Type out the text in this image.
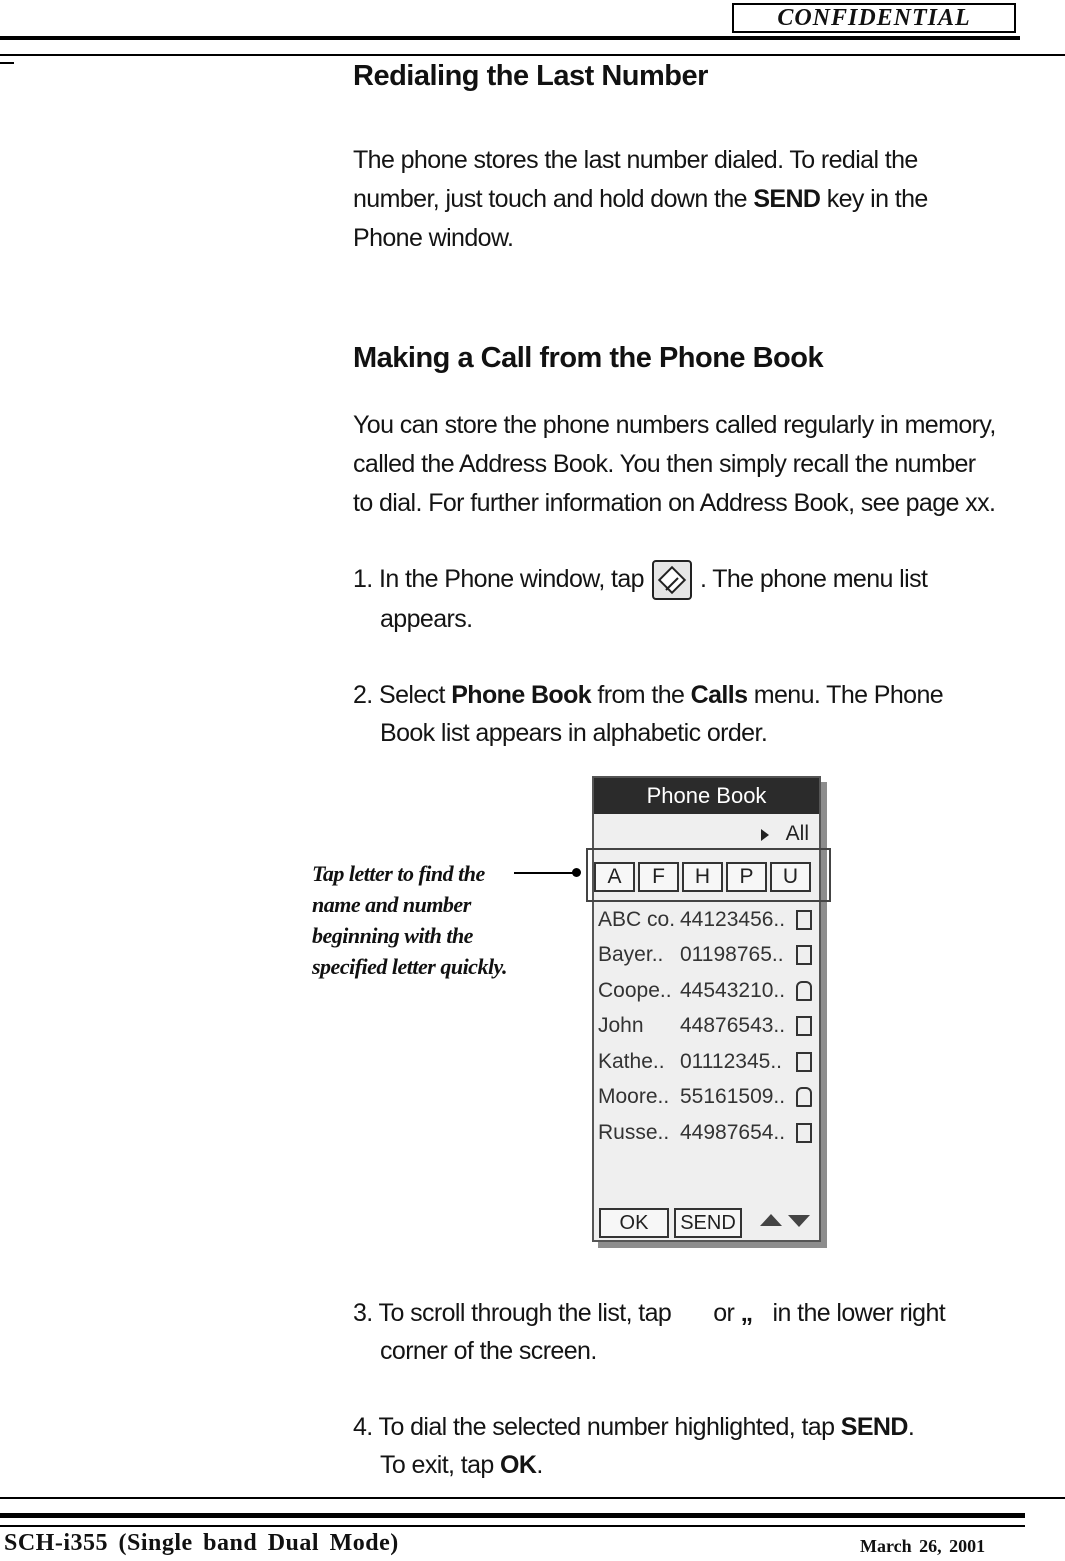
CONFIDENTIAL
Redialing the Last Number
The phone stores the last number dialed. To redial the
number, just touch and hold down the SEND key in the
Phone window.
Making a Call from the Phone Book
You can store the phone numbers called regularly in memory,
called the Address Book. You then simply recall the number
to dial. For further information on Address Book, see page xx.
1. In the Phone window, tap . The phone menu list
appears.
2. Select Phone Book from the Calls menu. The Phone
Book list appears in alphabetic order.
Tap letter to find the
name and number
beginning with the
specified letter quickly.
Phone Book
All
A	F	H	P	U
ABC co. 44123456..
Bayer.. 01198765..
Coope.. 44543210..
John	44876543..
Kathe.. 01112345..
Moore.. 55161509..
Russe.. 44987654..
OK	SEND
3. To scroll through the list, tap or „ in the lower right
corner of the screen.
4. To dial the selected number highlighted, tap SEND.
To exit, tap OK.
SCH-i355 (Single band Dual Mode)	March 26, 2001
